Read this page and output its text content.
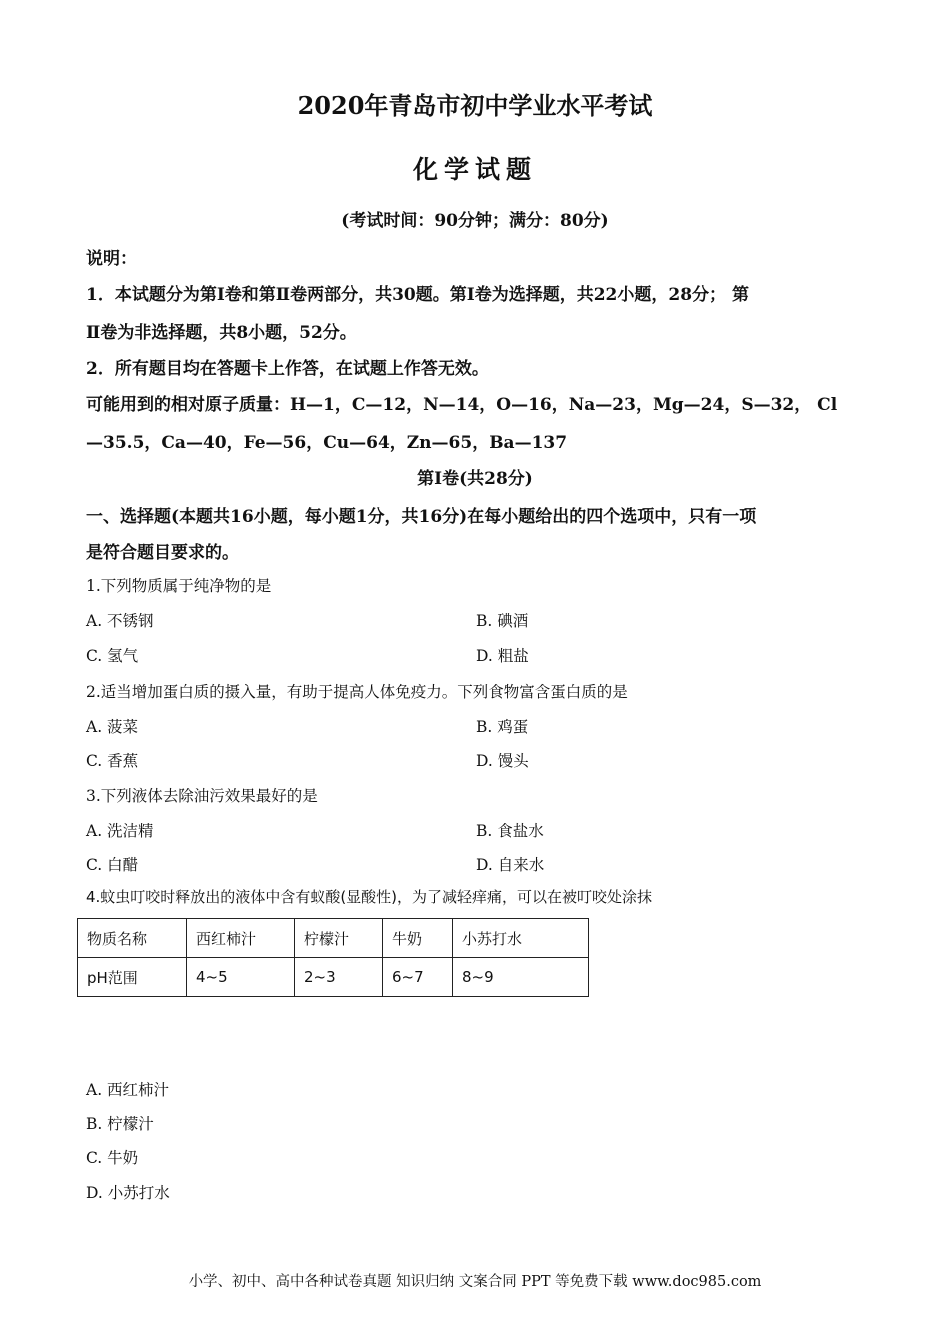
2020年青岛市初中学业水平考试
化学试题
(考试时间：90分钟；满分：80分)
说明：
1．本试题分为第Ⅰ卷和第Ⅱ卷两部分，共30题。第Ⅰ卷为选择题，共22小题，28分； 第
Ⅱ卷为非选择题，共8小题，52分。
2．所有题目均在答题卡上作答，在试题上作答无效。
可能用到的相对原子质量：H—1，C—12，N—14，O—16，Na—23，Mg—24，S—32， Cl
—35.5，Ca—40，Fe—56，Cu—64，Zn—65，Ba—137
第Ⅰ卷(共28分)
一、选择题(本题共16小题，每小题1分，共16分)在每小题给出的四个选项中，只有一项
是符合题目要求的。
1.下列物质属于纯净物的是
A. 不锈钢	B. 碘酒
C. 氢气	D. 粗盐
2.适当增加蛋白质的摄入量，有助于提高人体免疫力。下列食物富含蛋白质的是
A. 菠菜	B. 鸡蛋
C. 香蕉	D. 馒头
3.下列液体去除油污效果最好的是
A. 洗洁精	B. 食盐水
C. 白醋	D. 自来水
4.蚊虫叮咬时释放出的液体中含有蚁酸(显酸性)，为了减轻痒痛，可以在被叮咬处涂抹
物质名称	西红柿汁	柠檬汁	牛奶	小苏打水
pH范围	4~5	2~3	6~7	8~9
A. 西红柿汁
B. 柠檬汁
C. 牛奶
D. 小苏打水
小学、初中、高中各种试卷真题 知识归纳 文案合同 PPT 等免费下载 www.doc985.com
